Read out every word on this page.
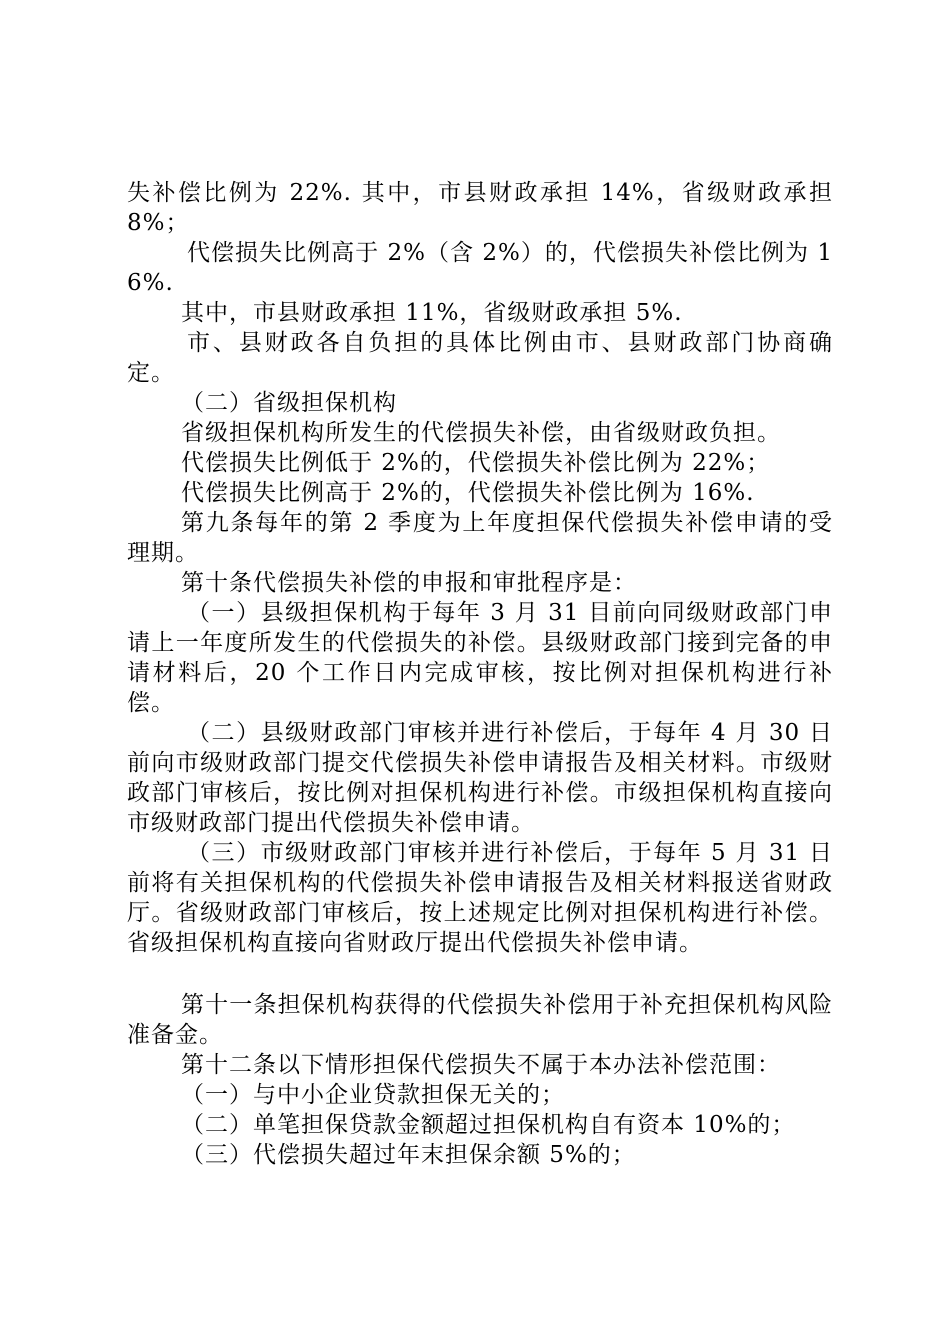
失补偿比例为 22%. 其中，市县财政承担 14%，省级财政承担 8%；

代偿损失比例高于 2%（含 2%）的，代偿损失补偿比例为 16%.

其中，市县财政承担 11%，省级财政承担 5%.

市、县财政各自负担的具体比例由市、县财政部门协商确定。

（二）省级担保机构

省级担保机构所发生的代偿损失补偿，由省级财政负担。

代偿损失比例低于 2%的，代偿损失补偿比例为 22%；

代偿损失比例高于 2%的，代偿损失补偿比例为 16%.

第九条每年的第 2 季度为上年度担保代偿损失补偿申请的受理期。

第十条代偿损失补偿的申报和审批程序是：

（一）县级担保机构于每年 3 月 31 目前向同级财政部门申请上一年度所发生的代偿损失的补偿。县级财政部门接到完备的申请材料后，20 个工作日内完成审核，按比例对担保机构进行补偿。

（二）县级财政部门审核并进行补偿后，于每年 4 月 30 日前向市级财政部门提交代偿损失补偿申请报告及相关材料。市级财政部门审核后，按比例对担保机构进行补偿。市级担保机构直接向市级财政部门提出代偿损失补偿申请。

（三）市级财政部门审核并进行补偿后，于每年 5 月 31 日前将有关担保机构的代偿损失补偿申请报告及相关材料报送省财政厅。省级财政部门审核后，按上述规定比例对担保机构进行补偿。省级担保机构直接向省财政厅提出代偿损失补偿申请。

第十一条担保机构获得的代偿损失补偿用于补充担保机构风险准备金。

第十二条以下情形担保代偿损失不属于本办法补偿范围：

（一）与中小企业贷款担保无关的；

（二）单笔担保贷款金额超过担保机构自有资本 10%的；

（三）代偿损失超过年末担保余额 5%的；
